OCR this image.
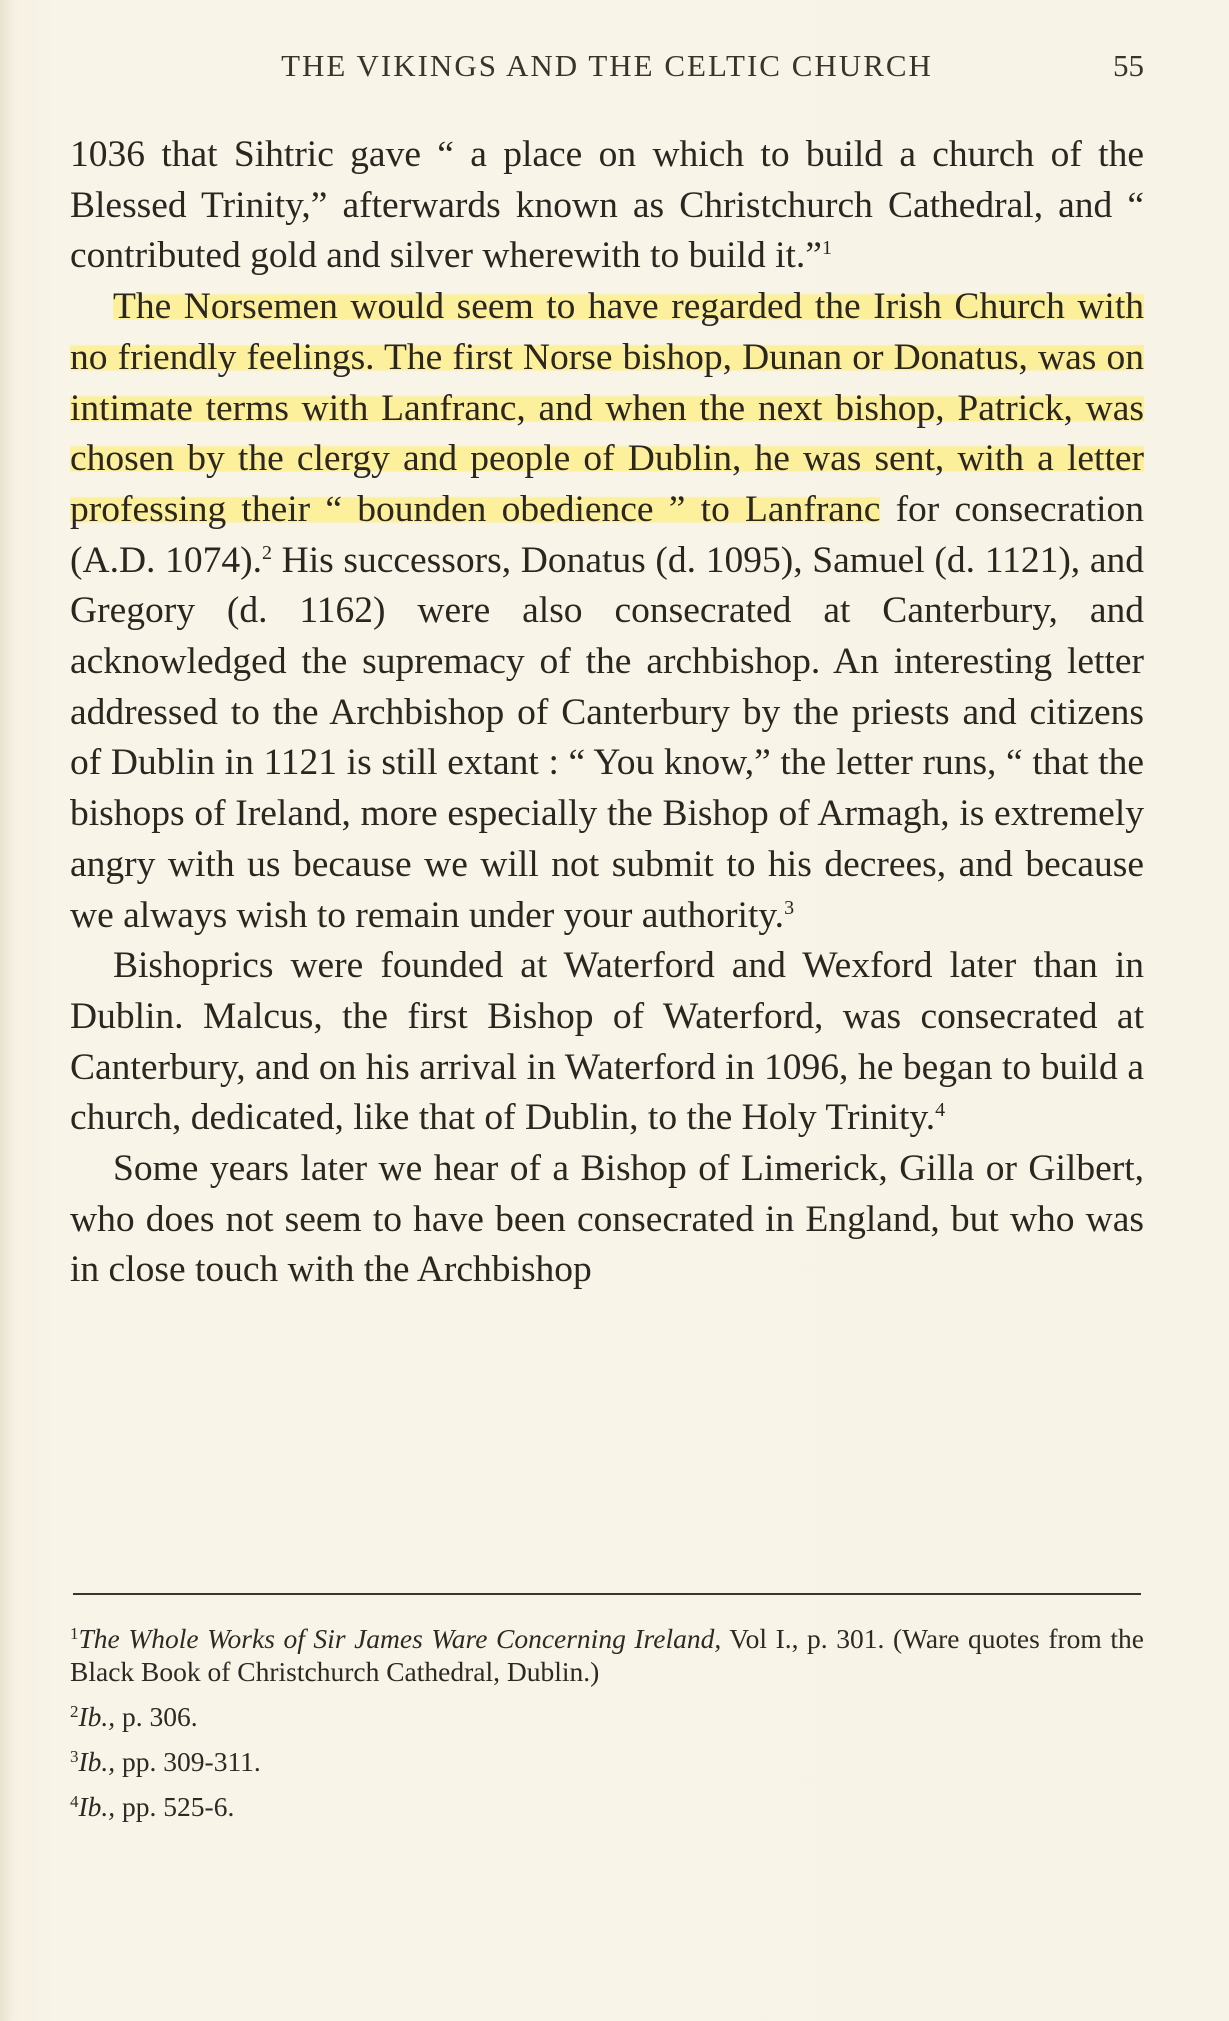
THE VIKINGS AND THE CELTIC CHURCH	55

1036 that Sihtric gave “ a place on which to build a church of the Blessed Trinity,” afterwards known as Christchurch Cathedral, and “ contributed gold and silver wherewith to build it.”$^1$

The Norsemen would seem to have regarded the Irish Church with no friendly feelings. The first Norse bishop, Dunan or Donatus, was on intimate terms with Lanfranc, and when the next bishop, Patrick, was chosen by the clergy and people of Dublin, he was sent, with a letter professing their “ bounden obedience ” to Lanfranc for consecration (A.D. 1074).$^2$ His successors, Donatus (d. 1095), Samuel (d. 1121), and Gregory (d. 1162) were also consecrated at Canterbury, and acknowledged the supremacy of the archbishop. An interesting letter addressed to the Archbishop of Canterbury by the priests and citizens of Dublin in 1121 is still extant : “ You know,” the letter runs, “ that the bishops of Ireland, more especially the Bishop of Armagh, is extremely angry with us because we will not submit to his decrees, and because we always wish to remain under your authority.$^3$

Bishoprics were founded at Waterford and Wexford later than in Dublin. Malcus, the first Bishop of Waterford, was consecrated at Canterbury, and on his arrival in Waterford in 1096, he began to build a church, dedicated, like that of Dublin, to the Holy Trinity.$^4$

Some years later we hear of a Bishop of Limerick, Gilla or Gilbert, who does not seem to have been consecrated in England, but who was in close touch with the Archbishop

$^1$The Whole Works of Sir James Ware Concerning Ireland, Vol I., p. 301. (Ware quotes from the Black Book of Christchurch Cathedral, Dublin.)

$^2$Ib., p. 306.

$^3$Ib., pp. 309-311.

$^4$Ib., pp. 525-6.
